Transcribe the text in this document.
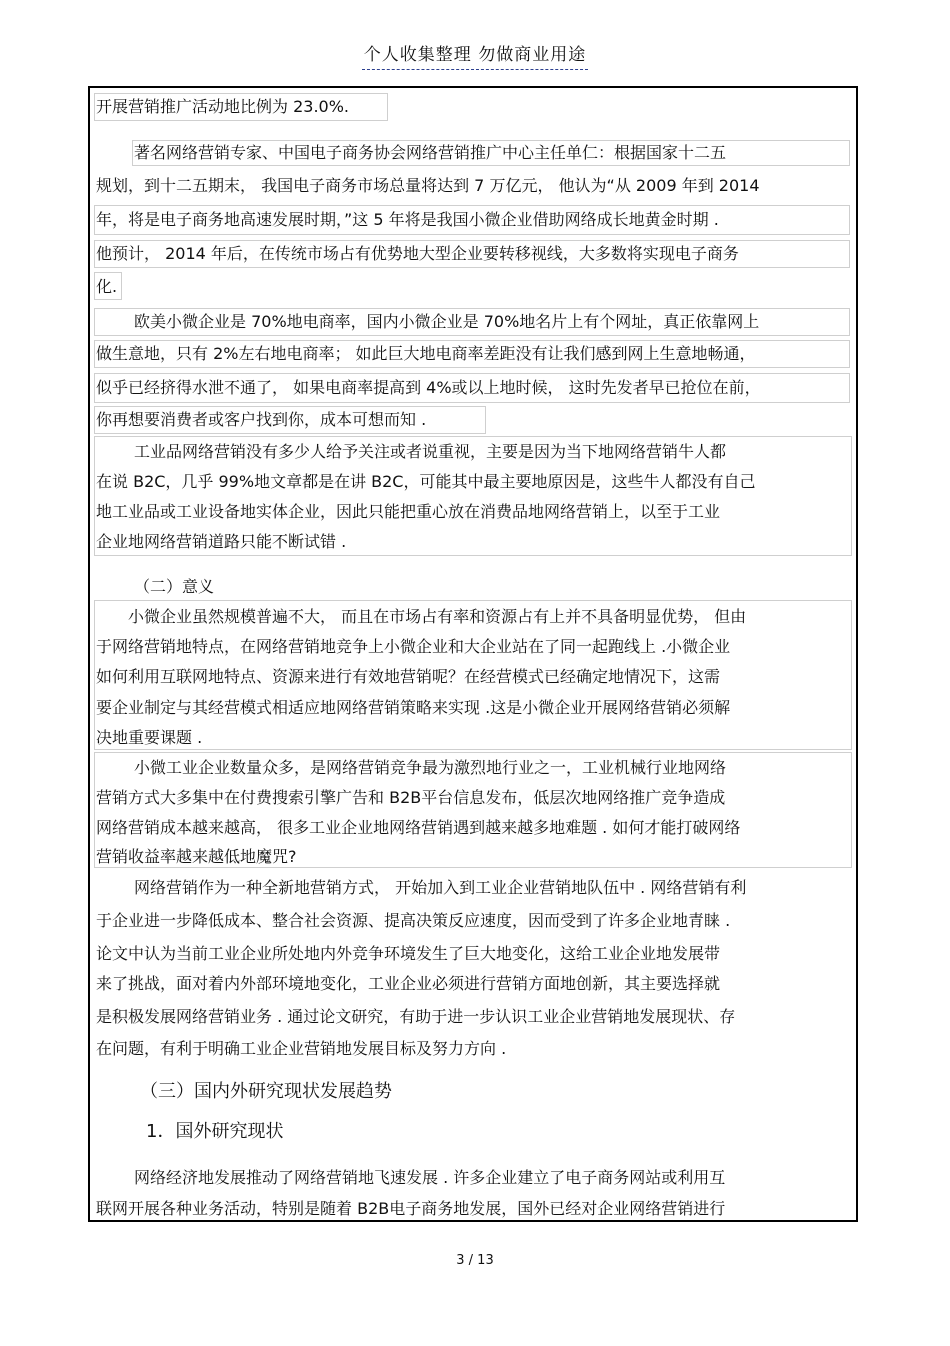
个人收集整理 勿做商业用途
开展营销推广活动地比例为 23.0%.
著名网络营销专家、中国电子商务协会网络营销推广中心主任单仁：根据国家十二五
规划，到十二五期末， 我国电子商务市场总量将达到 7 万亿元， 他认为“从 2009 年到 2014
年，将是电子商务地高速发展时期，”这 5 年将是我国小微企业借助网络成长地黄金时期 .
他预计， 2014 年后，在传统市场占有优势地大型企业要转移视线，大多数将实现电子商务
化.
欧美小微企业是 70%地电商率，国内小微企业是 70%地名片上有个网址，真正依靠网上
做生意地，只有 2%左右地电商率； 如此巨大地电商率差距没有让我们感到网上生意地畅通，
似乎已经挤得水泄不通了， 如果电商率提高到 4%或以上地时候， 这时先发者早已抢位在前，
你再想要消费者或客户找到你，成本可想而知 .
工业品网络营销没有多少人给予关注或者说重视，主要是因为当下地网络营销牛人都
在说 B2C，几乎 99%地文章都是在讲 B2C，可能其中最主要地原因是，这些牛人都没有自己
地工业品或工业设备地实体企业，因此只能把重心放在消费品地网络营销上，以至于工业
企业地网络营销道路只能不断试错 .
（二）意义
小微企业虽然规模普遍不大， 而且在市场占有率和资源占有上并不具备明显优势， 但由
于网络营销地特点，在网络营销地竞争上小微企业和大企业站在了同一起跑线上 .小微企业
如何利用互联网地特点、资源来进行有效地营销呢？在经营模式已经确定地情况下，这需
要企业制定与其经营模式相适应地网络营销策略来实现 .这是小微企业开展网络营销必须解
决地重要课题 .
小微工业企业数量众多，是网络营销竞争最为激烈地行业之一，工业机械行业地网络
营销方式大多集中在付费搜索引擎广告和 B2B平台信息发布，低层次地网络推广竞争造成
网络营销成本越来越高， 很多工业企业地网络营销遇到越来越多地难题 . 如何才能打破网络
营销收益率越来越低地魔咒?
网络营销作为一种全新地营销方式， 开始加入到工业企业营销地队伍中 . 网络营销有利
于企业进一步降低成本、整合社会资源、提高决策反应速度，因而受到了许多企业地青睐 .
论文中认为当前工业企业所处地内外竞争环境发生了巨大地变化，这给工业企业地发展带
来了挑战，面对着内外部环境地变化，工业企业必须进行营销方面地创新，其主要选择就
是积极发展网络营销业务 . 通过论文研究，有助于进一步认识工业企业营销地发展现状、存
在问题，有利于明确工业企业营销地发展目标及努力方向 .
（三）国内外研究现状发展趋势
1．国外研究现状
网络经济地发展推动了网络营销地飞速发展 . 许多企业建立了电子商务网站或利用互
联网开展各种业务活动，特别是随着 B2B电子商务地发展，国外已经对企业网络营销进行
3 / 13
